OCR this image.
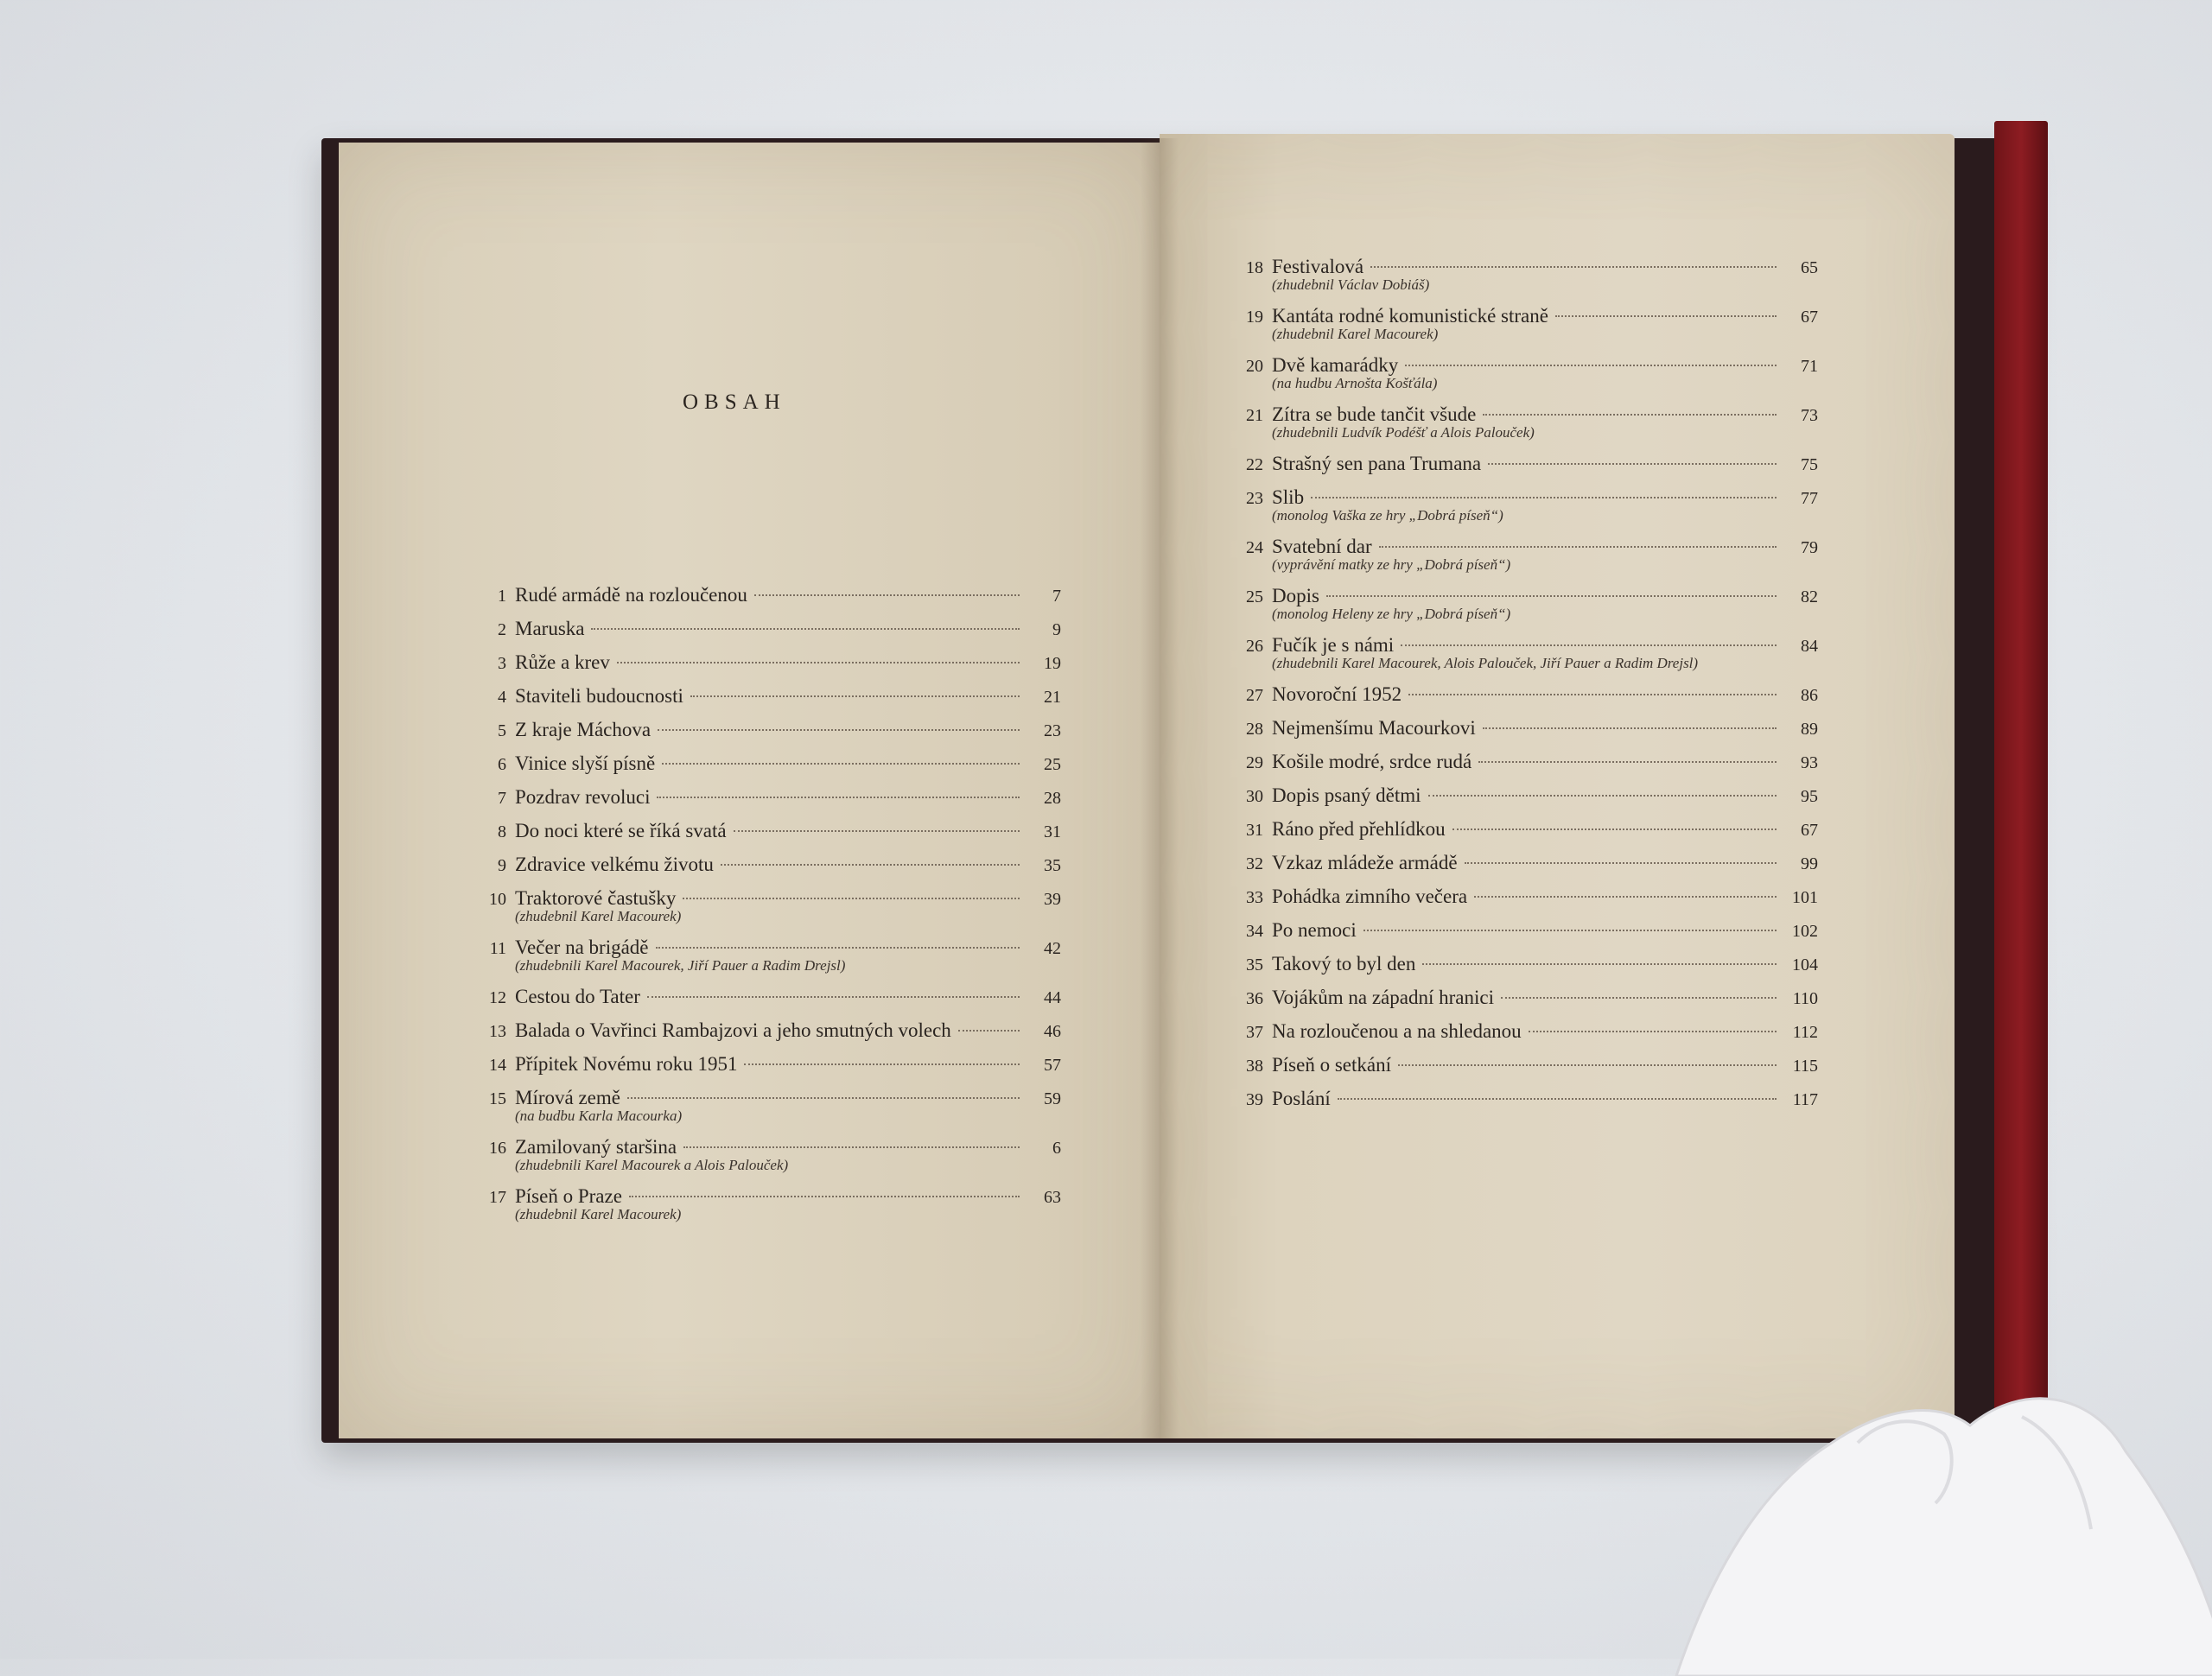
OBSAH
1 Rudé armádě na rozloučenou	7
2 Maruska	9
3 Růže a krev	19
4 Staviteli budoucnosti	21
5 Z kraje Máchova	23
6 Vinice slyší písně	25
7 Pozdrav revoluci	28
8 Do noci které se říká svatá	31
9 Zdravice velkému životu	35
10 Traktorové častušky	39
(zhudebnil Karel Macourek)
11 Večer na brigádě	42
(zhudebnili Karel Macourek, Jiří Pauer a Radim Drejsl)
12 Cestou do Tater	44
13 Balada o Vavřinci Rambajzovi a jeho smutných volech	46
14 Přípitek Novému roku 1951	57
15 Mírová země	59
(na budbu Karla Macourka)
16 Zamilovaný staršina	6
(zhudebnili Karel Macourek a Alois Palouček)
17 Píseň o Praze	63
(zhudebnil Karel Macourek)
18 Festivalová	65
(zhudebnil Václav Dobiáš)
19 Kantáta rodné komunistické straně	67
(zhudebnil Karel Macourek)
20 Dvě kamarádky	71
(na hudbu Arnošta Košťála)
21 Zítra se bude tančit všude	73
(zhudebnili Ludvík Podéšť a Alois Palouček)
22 Strašný sen pana Trumana	75
23 Slib	77
(monolog Vaška ze hry „Dobrá píseň“)
24 Svatební dar	79
(vyprávění matky ze hry „Dobrá píseň“)
25 Dopis	82
(monolog Heleny ze hry „Dobrá píseň“)
26 Fučík je s námi	84
(zhudebnili Karel Macourek, Alois Palouček, Jiří Pauer a Radim Drejsl)
27 Novoroční 1952	86
28 Nejmenšímu Macourkovi	89
29 Košile modré, srdce rudá	93
30 Dopis psaný dětmi	95
31 Ráno před přehlídkou	67
32 Vzkaz mládeže armádě	99
33 Pohádka zimního večera	101
34 Po nemoci	102
35 Takový to byl den	104
36 Vojákům na západní hranici	110
37 Na rozloučenou a na shledanou	112
38 Píseň o setkání	115
39 Poslání	117
